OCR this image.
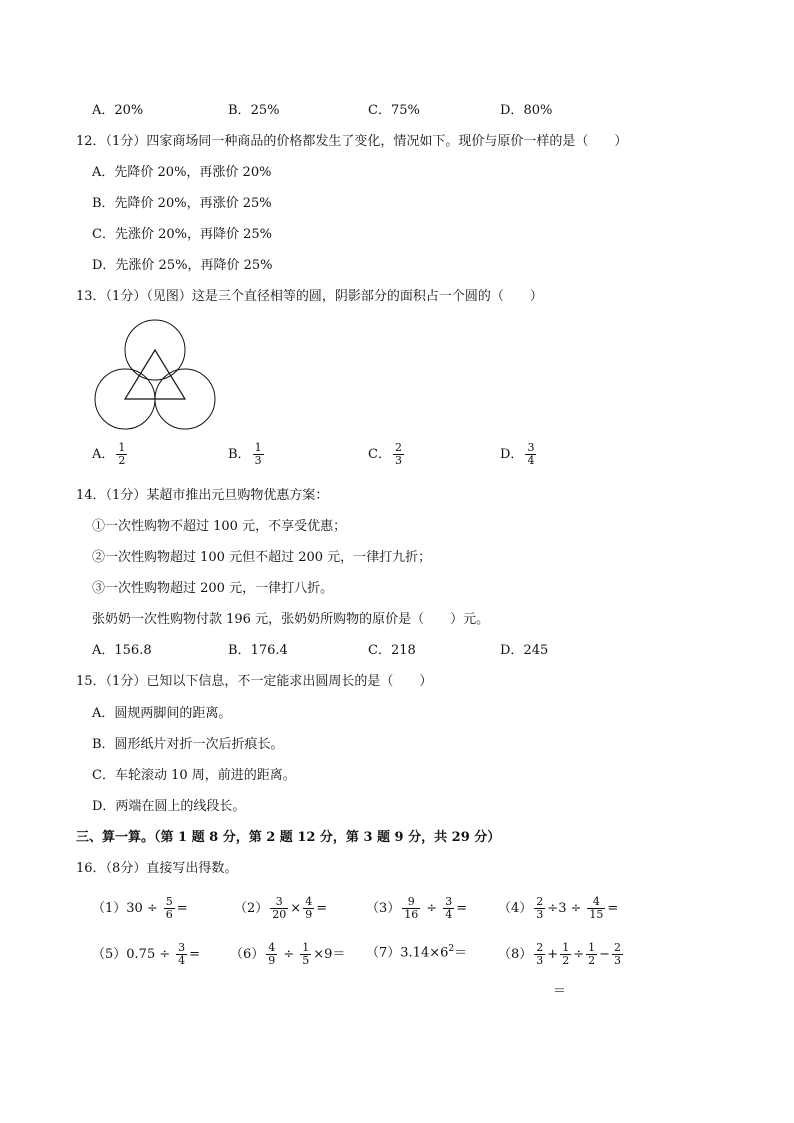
A．20%	B．25%	C．75%	D．80%
12．（1分）四家商场同一种商品的价格都发生了变化，情况如下。现价与原价一样的是（　　）
A．先降价 20%，再涨价 20%
B．先降价 20%，再涨价 25%
C．先涨价 20%，再降价 25%
D．先涨价 25%，再降价 25%
13．（1分）（见图）这是三个直径相等的圆，阴影部分的面积占一个圆的（　　）
A． $\frac{1}{2}$	B． $\frac{1}{3}$	C． $\frac{2}{3}$	D． $\frac{3}{4}$
14．（1分）某超市推出元旦购物优惠方案：
①一次性购物不超过 100 元，不享受优惠；
②一次性购物超过 100 元但不超过 200 元，一律打九折；
③一次性购物超过 200 元，一律打八折。
张奶奶一次性购物付款 196 元，张奶奶所购物的原价是（　　）元。
A．156.8	B．176.4	C．218	D．245
15．（1分）已知以下信息，不一定能求出圆周长的是（　　）
A．圆规两脚间的距离。
B．圆形纸片对折一次后折痕长。
C．车轮滚动 10 周，前进的距离。
D．两端在圆上的线段长。
三、算一算。（第 1 题 8 分，第 2 题 12 分，第 3 题 9 分，共 29 分）
16．（8分）直接写出得数。
$(1)30 \div \frac{5}{6}$ =	$(2) \frac{3}{20} \times \frac{4}{9}$ =	$(3) \frac{9}{16} \div \frac{3}{4} = (4) \frac{2}{3} \div 3 \div \frac{4}{15}$ =
$(5)0.75 \div \frac{3}{4} = (6) \frac{4}{9} \div \frac{1}{5} \times 9= (7)3.14\times 6^2= (8) \frac{2}{3} + \frac{1}{2} \div \frac{1}{2} - \frac{2}{3}$
＝
